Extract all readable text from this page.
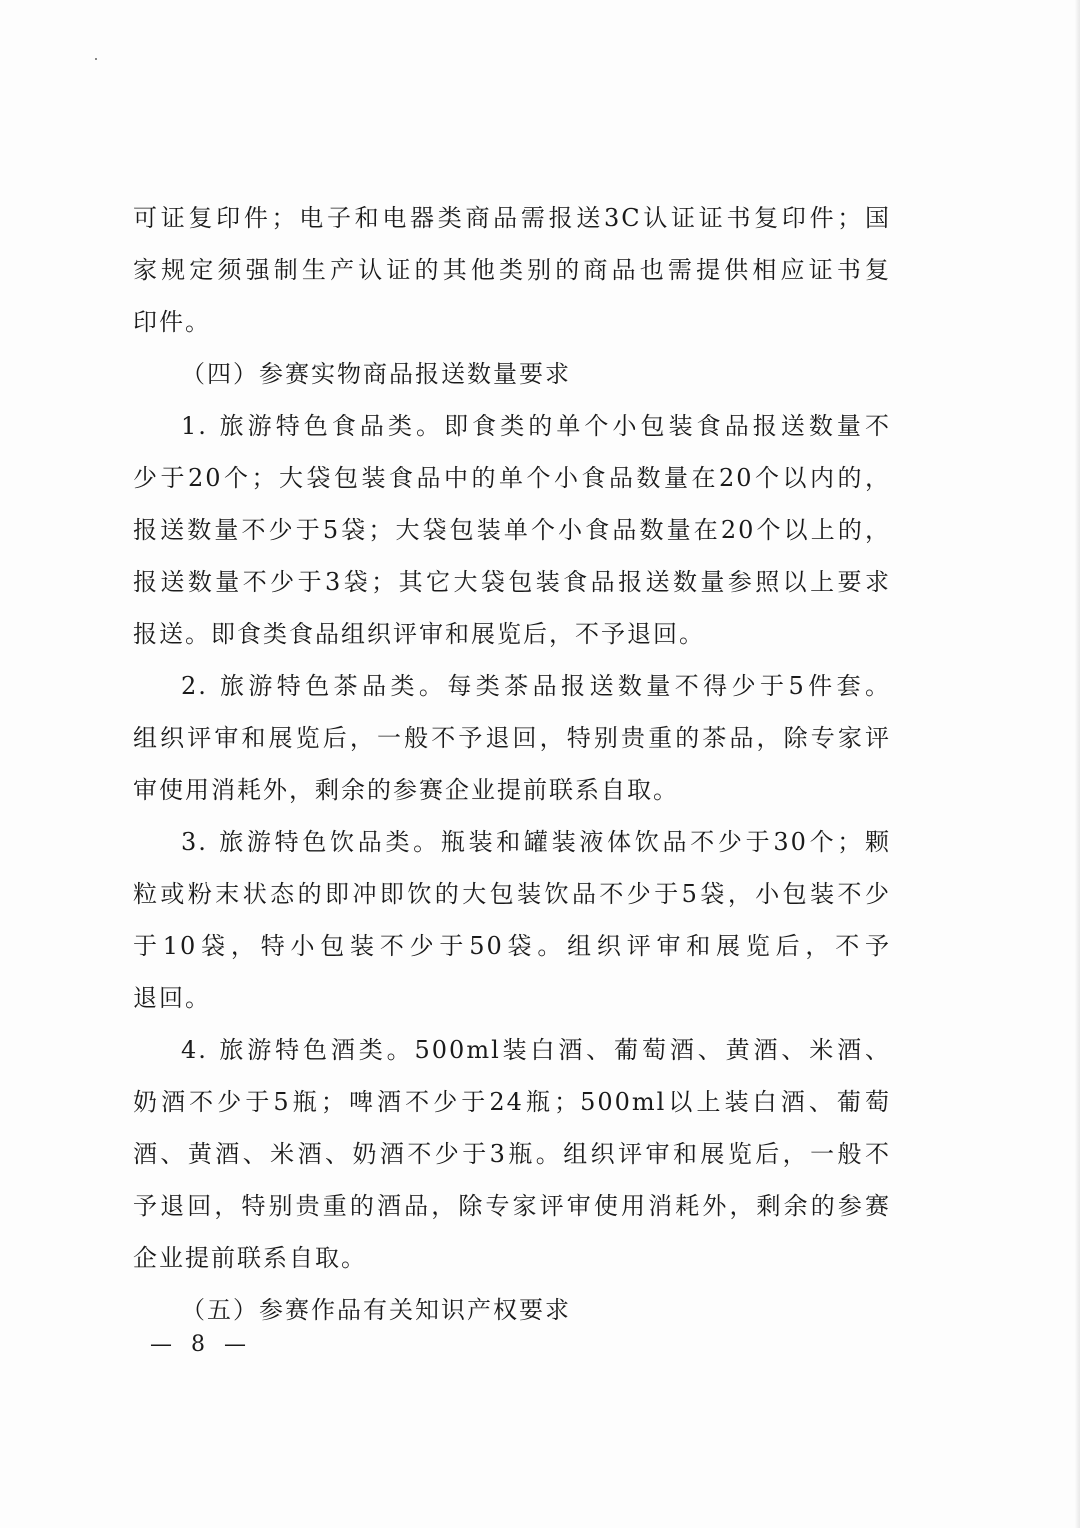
可证复印件；电子和电器类商品需报送3C认证证书复印件；国
家规定须强制生产认证的其他类别的商品也需提供相应证书复
印件。
（四）参赛实物商品报送数量要求
1. 旅游特色食品类。即食类的单个小包装食品报送数量不
少于20个；大袋包装食品中的单个小食品数量在20个以内的，
报送数量不少于5袋；大袋包装单个小食品数量在20个以上的，
报送数量不少于3袋；其它大袋包装食品报送数量参照以上要求
报送。即食类食品组织评审和展览后，不予退回。
2. 旅游特色茶品类。每类茶品报送数量不得少于5件套。
组织评审和展览后，一般不予退回，特别贵重的茶品，除专家评
审使用消耗外，剩余的参赛企业提前联系自取。
3. 旅游特色饮品类。瓶装和罐装液体饮品不少于30个；颗
粒或粉末状态的即冲即饮的大包装饮品不少于5袋，小包装不少
于10袋，特小包装不少于50袋。组织评审和展览后，不予
退回。
4. 旅游特色酒类。500ml装白酒、葡萄酒、黄酒、米酒、
奶酒不少于5瓶；啤酒不少于24瓶；500ml以上装白酒、葡萄
酒、黄酒、米酒、奶酒不少于3瓶。组织评审和展览后，一般不
予退回，特别贵重的酒品，除专家评审使用消耗外，剩余的参赛
企业提前联系自取。
（五）参赛作品有关知识产权要求
— 8 —
